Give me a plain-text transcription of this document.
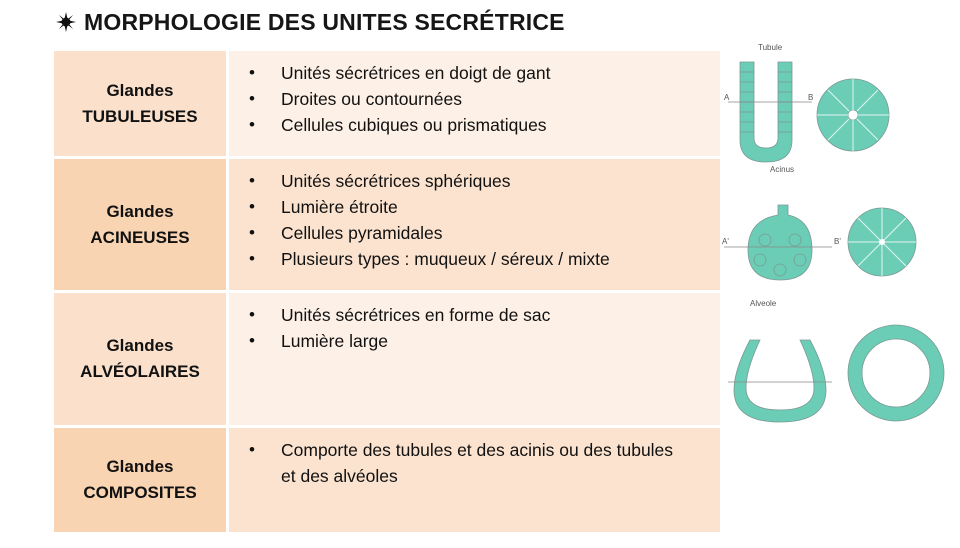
MORPHOLOGIE DES UNITES SECRÉTRICE
Glandes
TUBULEUSES
• Unités sécrétrices en doigt de gant
• Droites ou contournées
• Cellules cubiques ou prismatiques
Glandes
ACINEUSES
• Unités sécrétrices sphériques
• Lumière étroite
• Cellules pyramidales
• Plusieurs types : muqueux / séreux / mixte
Glandes
ALVÉOLAIRES
• Unités sécrétrices en forme de sac
• Lumière large
Glandes
COMPOSITES
• Comporte des tubules et des acinis ou des tubules et des alvéoles
Tubule
A	B
Acinus
A'	B'
Alveole
